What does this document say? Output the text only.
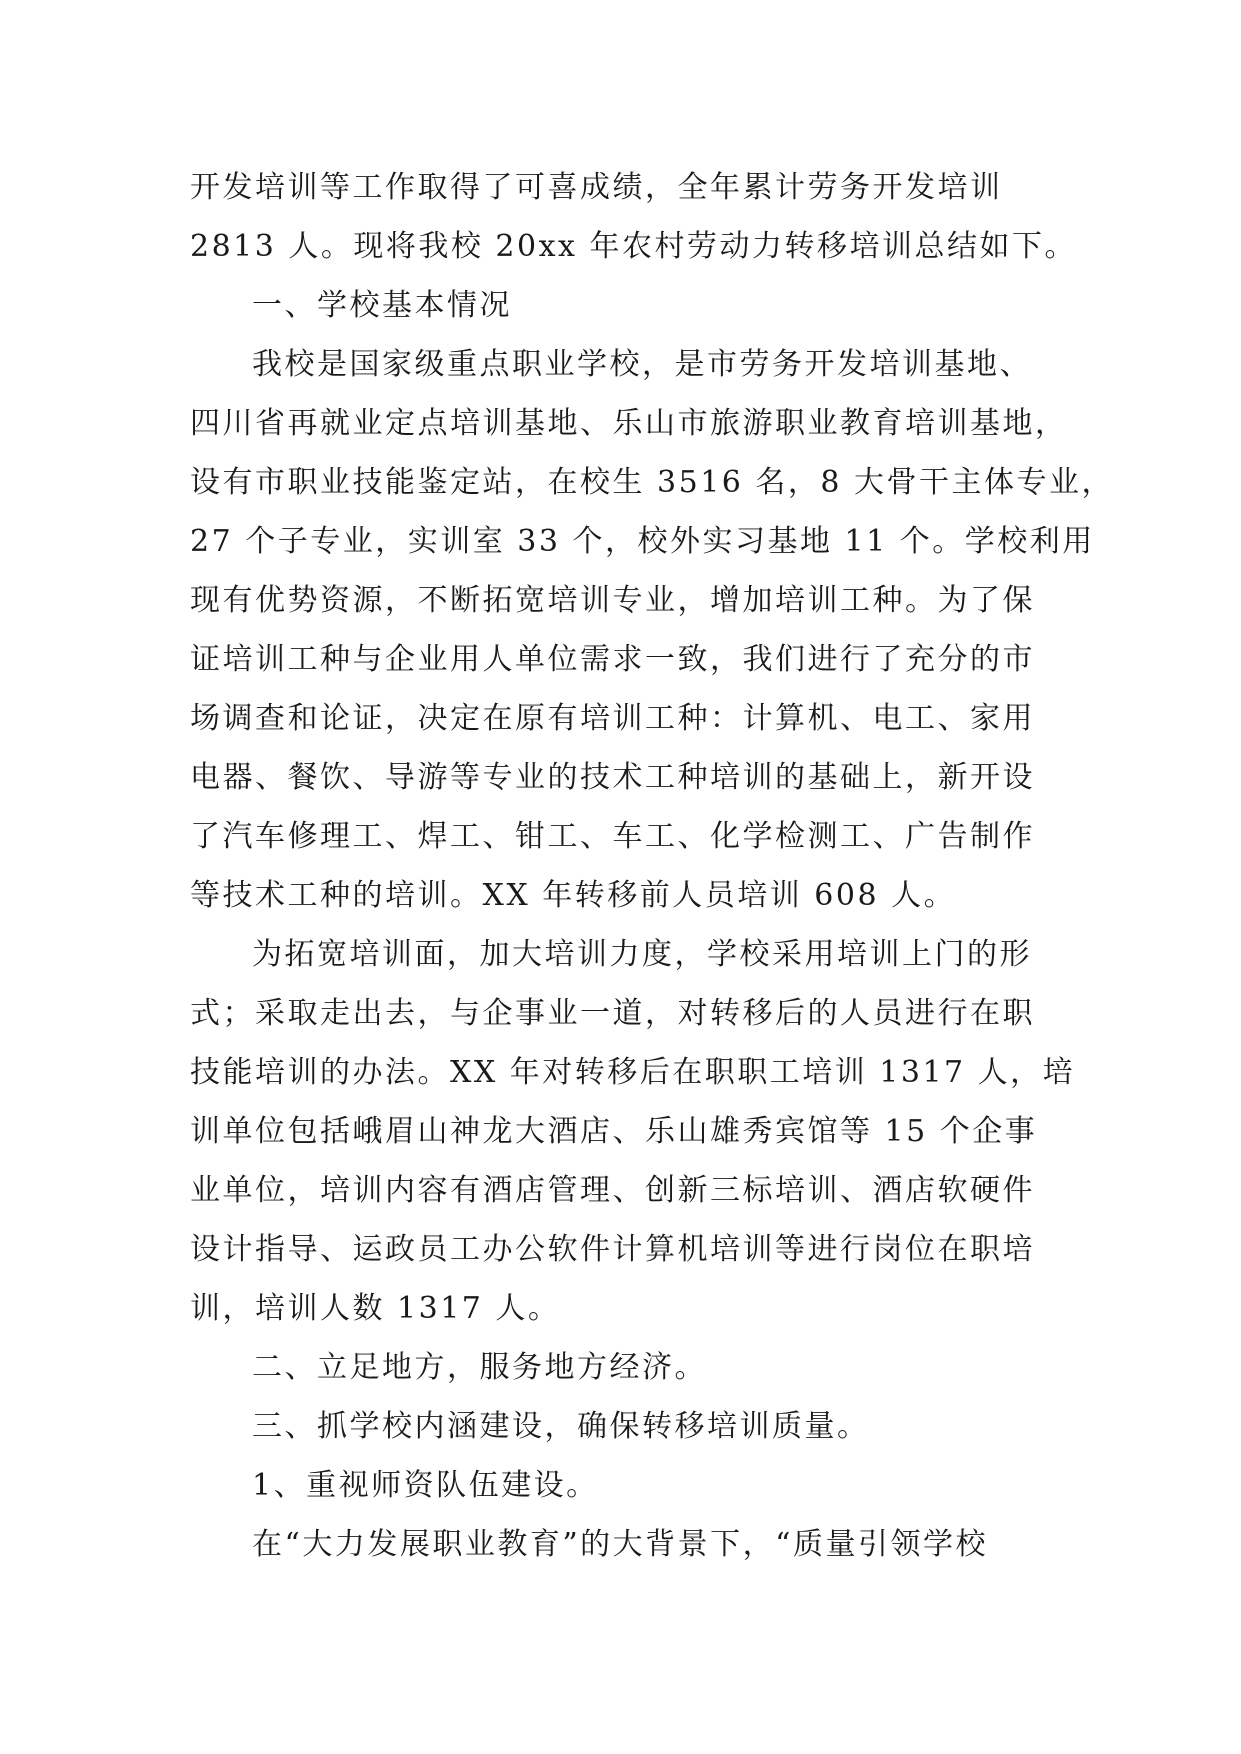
开发培训等工作取得了可喜成绩，全年累计劳务开发培训
2813 人。现将我校 20xx 年农村劳动力转移培训总结如下。

一、学校基本情况

我校是国家级重点职业学校，是市劳务开发培训基地、
四川省再就业定点培训基地、乐山市旅游职业教育培训基地，
设有市职业技能鉴定站，在校生 3516 名，8 大骨干主体专业，
27 个子专业，实训室 33 个，校外实习基地 11 个。学校利用
现有优势资源，不断拓宽培训专业，增加培训工种。为了保
证培训工种与企业用人单位需求一致，我们进行了充分的市
场调查和论证，决定在原有培训工种：计算机、电工、家用
电器、餐饮、导游等专业的技术工种培训的基础上，新开设
了汽车修理工、焊工、钳工、车工、化学检测工、广告制作
等技术工种的培训。XX 年转移前人员培训 608 人。

为拓宽培训面，加大培训力度，学校采用培训上门的形
式；采取走出去，与企事业一道，对转移后的人员进行在职
技能培训的办法。XX 年对转移后在职职工培训 1317 人，培
训单位包括峨眉山神龙大酒店、乐山雄秀宾馆等 15 个企事
业单位，培训内容有酒店管理、创新三标培训、酒店软硬件
设计指导、运政员工办公软件计算机培训等进行岗位在职培
训，培训人数 1317 人。

二、立足地方，服务地方经济。

三、抓学校内涵建设，确保转移培训质量。

1、重视师资队伍建设。

在“大力发展职业教育”的大背景下，“质量引领学校
